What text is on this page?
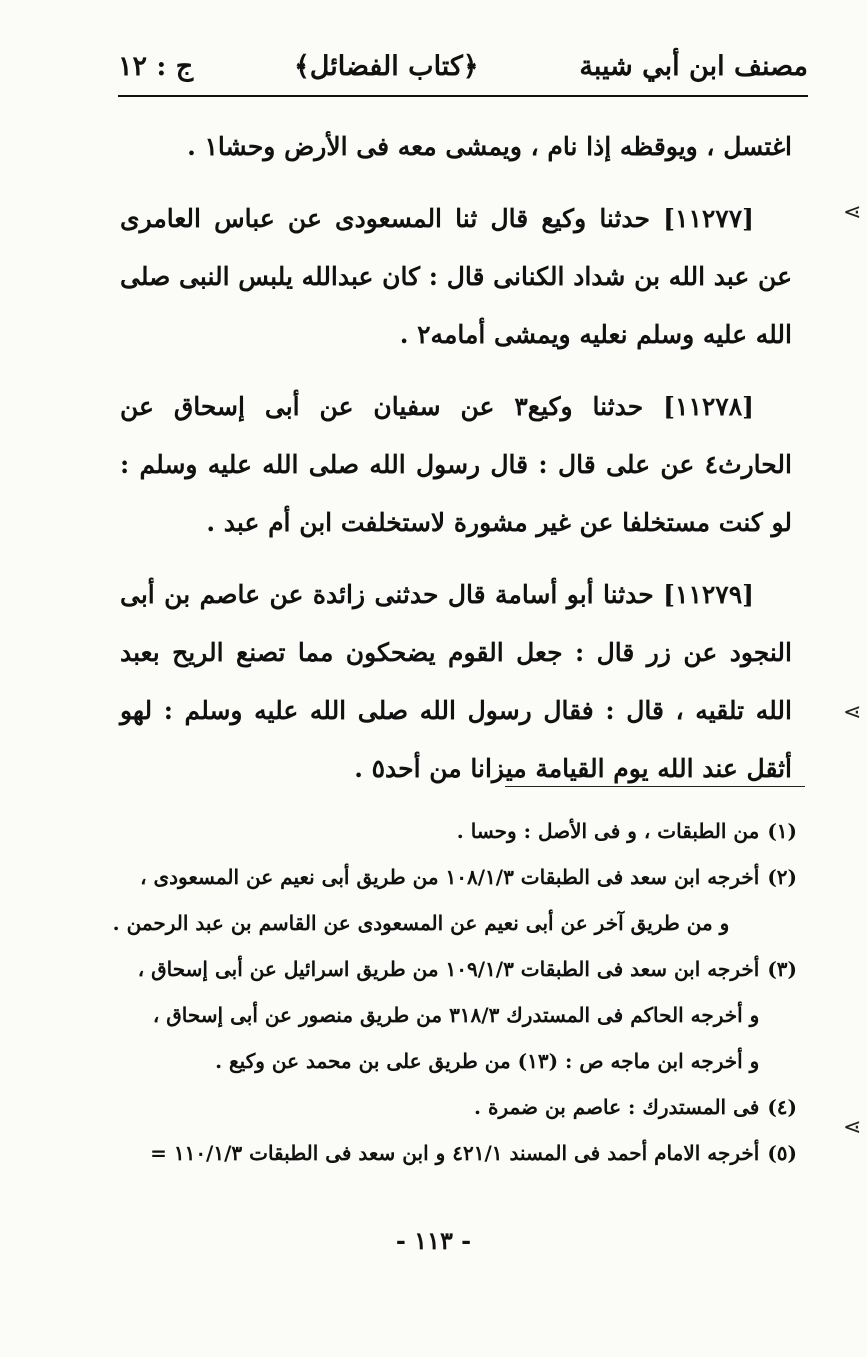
مصنف ابن أبي شيبة
﴿كتاب الفضائل﴾
ج : ١٢

اغتسل ، ويوقظه إذا نام ، ويمشى معه فى الأرض وحشا١ .

[١١٢٧٧] حدثنا وكيع قال ثنا المسعودى عن عباس العامرى عن عبد الله بن شداد الكنانى قال : كان عبدالله يلبس النبى صلى الله عليه وسلم نعليه ويمشى أمامه٢ .

[١١٢٧٨] حدثنا وكيع٣ عن سفيان عن أبى إسحاق عن الحارث٤ عن على قال : قال رسول الله صلى الله عليه وسلم : لو كنت مستخلفا عن غير مشورة لاستخلفت ابن أم عبد .

[١١٢٧٩] حدثنا أبو أسامة قال حدثنى زائدة عن عاصم بن أبى النجود عن زر قال : جعل القوم يضحكون مما تصنع الريح بعبد الله تلقيه ، قال : فقال رسول الله صلى الله عليه وسلم : لهو أثقل عند الله يوم القيامة ميزانا من أحد٥ .

(١)
من الطبقات ، و فى الأصل : وحسا .
(٢)
أخرجه ابن سعد فى الطبقات ١٠٨/١/٣ من طريق أبى نعيم عن المسعودى ،
و من طريق آخر عن أبى نعيم عن المسعودى عن القاسم بن عبد الرحمن .
(٣)
أخرجه ابن سعد فى الطبقات ١٠٩/١/٣ من طريق اسرائيل عن أبى إسحاق ،
و أخرجه الحاكم فى المستدرك ٣١٨/٣ من طريق منصور عن أبى إسحاق ،
و أخرجه ابن ماجه ص : (١٣) من طريق على بن محمد عن وكيع .
(٤)
فى المستدرك : عاصم بن ضمرة .
(٥)
أخرجه الامام أحمد فى المسند ٤٢١/١ و ابن سعد فى الطبقات ١١٠/١/٣ =
- ١١٣ -
⋖
⋖
⋖
